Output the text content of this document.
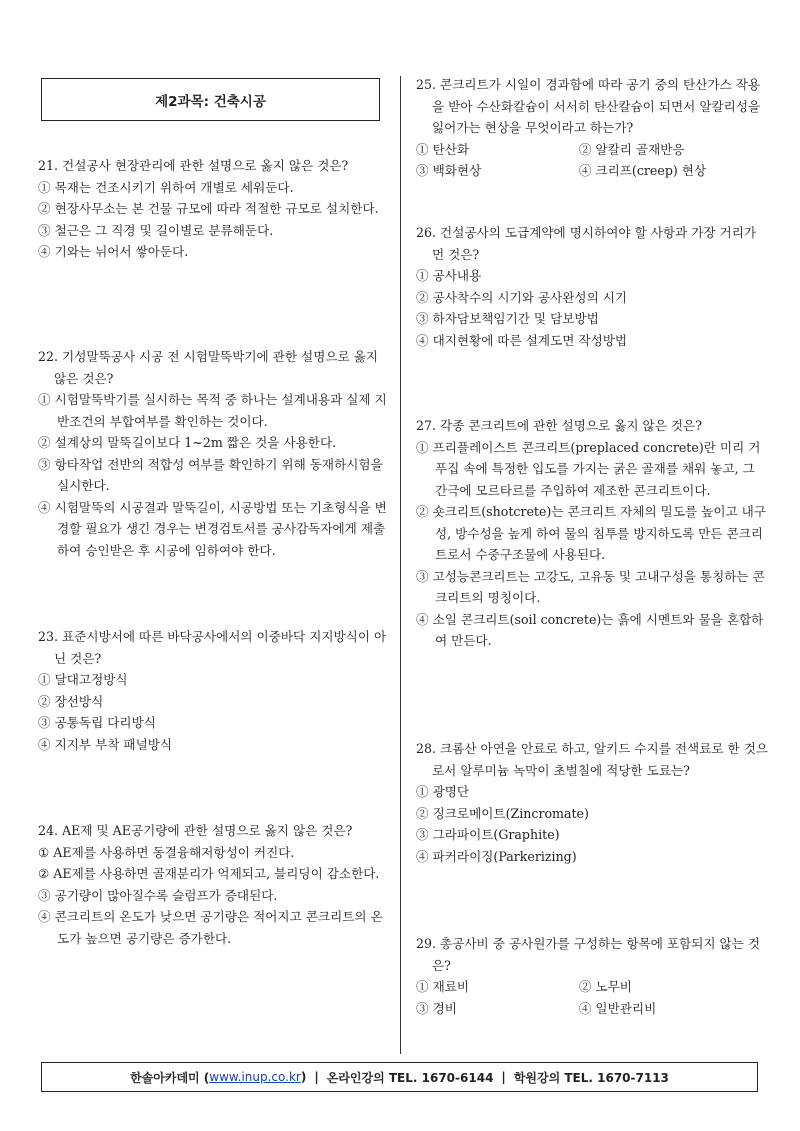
제2과목: 건축시공
21. 건설공사 현장관리에 관한 설명으로 옳지 않은 것은?
① 목재는 건조시키기 위하여 개별로 세워둔다.
② 현장사무소는 본 건물 규모에 따라 적절한 규모로 설치한다.
③ 철근은 그 직경 및 길이별로 분류해둔다.
④ 기와는 뉘어서 쌓아둔다.
22. 기성말뚝공사 시공 전 시험말뚝박기에 관한 설명으로 옳지 않은 것은?
① 시험말뚝박기를 실시하는 목적 중 하나는 설계내용과 실제 지반조건의 부합여부를 확인하는 것이다.
② 설계상의 말뚝길이보다 1~2m 짧은 것을 사용한다.
③ 항타작업 전반의 적합성 여부를 확인하기 위해 동재하시험을 실시한다.
④ 시험말뚝의 시공결과 말뚝길이, 시공방법 또는 기초형식을 변경할 필요가 생긴 경우는 변경검토서를 공사감독자에게 제출하여 승인받은 후 시공에 임하여야 한다.
23. 표준시방서에 따른 바닥공사에서의 이중바닥 지지방식이 아닌 것은?
① 달대고정방식
② 장선방식
③ 공통독립 다리방식
④ 지지부 부착 패널방식
24. AE제 및 AE공기량에 관한 설명으로 옳지 않은 것은?
① AE제를 사용하면 동결융해저항성이 커진다.
② AE제를 사용하면 골재분리가 억제되고, 블리딩이 감소한다.
③ 공기량이 많아질수록 슬럼프가 증대된다.
④ 콘크리트의 온도가 낮으면 공기량은 적어지고 콘크리트의 온도가 높으면 공기량은 증가한다.
25. 콘크리트가 시일이 경과함에 따라 공기 중의 탄산가스 작용을 받아 수산화칼슘이 서서히 탄산칼슘이 되면서 알칼리성을 잃어가는 현상을 무엇이라고 하는가?
① 탄산화	② 알칼리 골재반응
③ 백화현상	④ 크리프(creep) 현상
26. 건설공사의 도급계약에 명시하여야 할 사항과 가장 거리가 먼 것은?
① 공사내용
② 공사착수의 시기와 공사완성의 시기
③ 하자담보책임기간 및 담보방법
④ 대지현황에 따른 설계도면 작성방법
27. 각종 콘크리트에 관한 설명으로 옳지 않은 것은?
① 프리플레이스트 콘크리트(preplaced concrete)란 미리 거푸집 속에 특정한 입도를 가지는 굵은 골재를 채워 놓고, 그 간극에 모르타르를 주입하여 제조한 콘크리트이다.
② 숏크리트(shotcrete)는 콘크리트 자체의 밀도를 높이고 내구성, 방수성을 높게 하여 물의 침투를 방지하도록 만든 콘크리트로서 수중구조물에 사용된다.
③ 고성능콘크리트는 고강도, 고유동 및 고내구성을 통칭하는 콘크리트의 명칭이다.
④ 소일 콘크리트(soil concrete)는 흙에 시멘트와 물을 혼합하여 만든다.
28. 크롬산 아연을 안료로 하고, 알키드 수지를 전색료로 한 것으로서 알루미늄 녹막이 초벌칠에 적당한 도료는?
① 광명단
② 징크로메이트(Zincromate)
③ 그라파이트(Graphite)
④ 파커라이징(Parkerizing)
29. 총공사비 중 공사원가를 구성하는 항목에 포함되지 않는 것은?
① 재료비	② 노무비
③ 경비	④ 일반관리비
한솔아카데미 ( www.inup.co.kr ) | 온라인강의 TEL. 1670-6144 | 학원강의 TEL. 1670-7113
